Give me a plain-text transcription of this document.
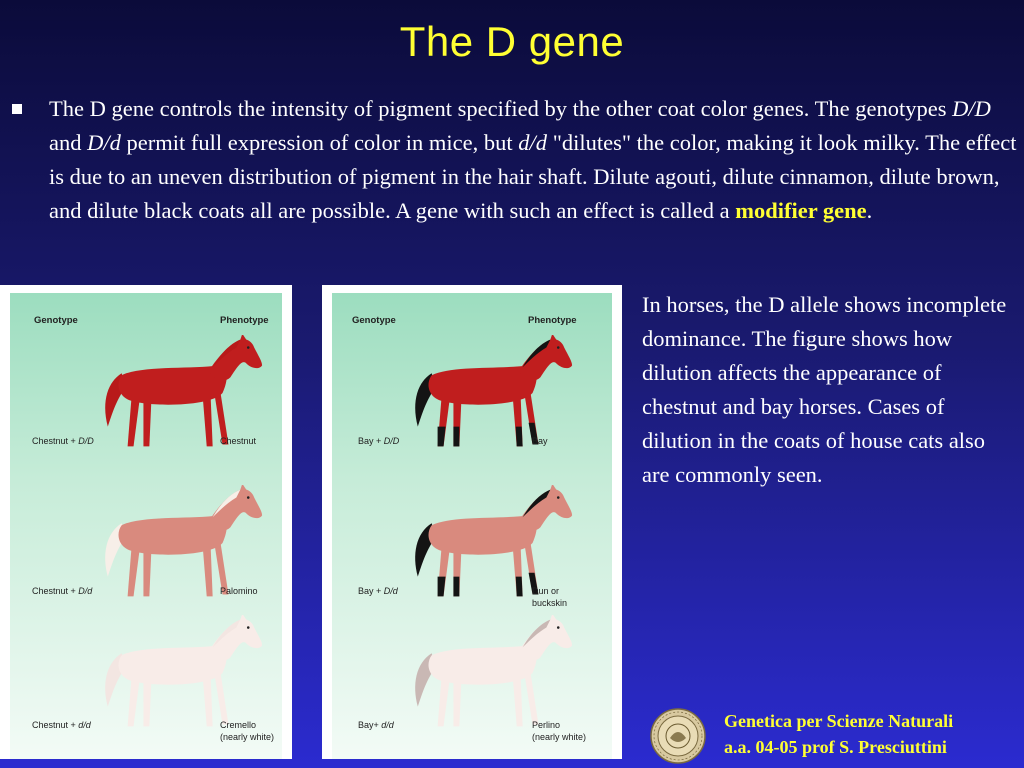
The D gene
The D gene controls the intensity of pigment specified by the other coat color genes. The genotypes D/D and D/d permit full expression of color in mice, but d/d "dilutes" the color, making it look milky. The effect is due to an uneven distribution of pigment in the hair shaft. Dilute agouti, dilute cinnamon, dilute brown, and dilute black coats all are possible. A gene with such an effect is called a modifier gene.
Genotype	Phenotype
Chestnut + D/D	Chestnut
Chestnut + D/d	Palomino
Chestnut + d/d	Cremello
(nearly white)
Genotype	Phenotype
Bay + D/D	Bay
Bay + D/d	Dun or
buckskin
Bay+ d/d	Perlino
(nearly white)
In horses, the D allele shows incomplete dominance. The figure shows how dilution affects the appearance of chestnut and bay horses. Cases of dilution in the coats of house cats also are commonly seen.
Genetica per Scienze Naturali
a.a. 04-05 prof S. Presciuttini
